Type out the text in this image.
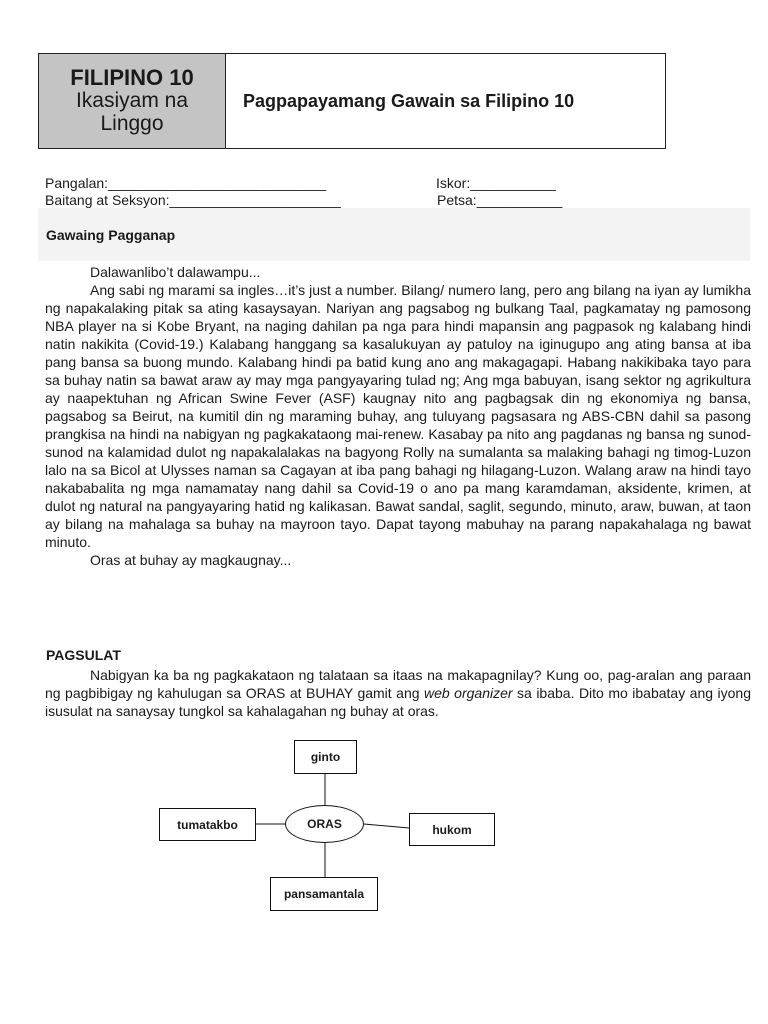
FILIPINO 10
Ikasiyam na Linggo
Pagpapayamang Gawain sa Filipino 10
Pangalan:____________________________	Iskor:___________
Baitang at Seksyon:______________________	Petsa:___________
Gawaing Pagganap

Dalawanlibo’t dalawampu...

Ang sabi ng marami sa ingles…it’s just a number. Bilang/ numero lang, pero ang bilang na iyan ay lumikha ng napakalaking pitak sa ating kasaysayan. Nariyan ang pagsabog ng bulkang Taal, pagkamatay ng pamosong NBA player na si Kobe Bryant, na naging dahilan pa nga para hindi mapansin ang pagpasok ng kalabang hindi natin nakikita (Covid-19.) Kalabang hanggang sa kasalukuyan ay patuloy na iginugupo ang ating bansa at iba pang bansa sa buong mundo. Kalabang hindi pa batid kung ano ang makagagapi. Habang nakikibaka tayo para sa buhay natin sa bawat araw ay may mga pangyayaring tulad ng; Ang mga babuyan, isang sektor ng agrikultura ay naapektuhan ng African Swine Fever (ASF) kaugnay nito ang pagbagsak din ng ekonomiya ng bansa, pagsabog sa Beirut, na kumitil din ng maraming buhay, ang tuluyang pagsasara ng ABS-CBN dahil sa pasong prangkisa na hindi na nabigyan ng pagkakataong mai-renew. Kasabay pa nito ang pagdanas ng bansa ng sunod-sunod na kalamidad dulot ng napakalalakas na bagyong Rolly na sumalanta sa malaking bahagi ng timog-Luzon lalo na sa Bicol at Ulysses naman sa Cagayan at iba pang bahagi ng hilagang-Luzon. Walang araw na hindi tayo nakababalita ng mga namamatay nang dahil sa Covid-19 o ano pa mang karamdaman, aksidente, krimen, at dulot ng natural na pangyayaring hatid ng kalikasan. Bawat sandal, saglit, segundo, minuto, araw, buwan, at taon ay bilang na mahalaga sa buhay na mayroon tayo. Dapat tayong mabuhay na parang napakahalaga ng bawat minuto.

Oras at buhay ay magkaugnay...

PAGSULAT

Nabigyan ka ba ng pagkakataon ng talataan sa itaas na makapagnilay? Kung oo, pag-aralan ang paraan ng pagbibigay ng kahulugan sa ORAS at BUHAY gamit ang web organizer sa ibaba. Dito mo ibabatay ang iyong isusulat na sanaysay tungkol sa kahalagahan ng buhay at oras.

ORAS
ginto
tumatakbo	hukom
pansamantala
